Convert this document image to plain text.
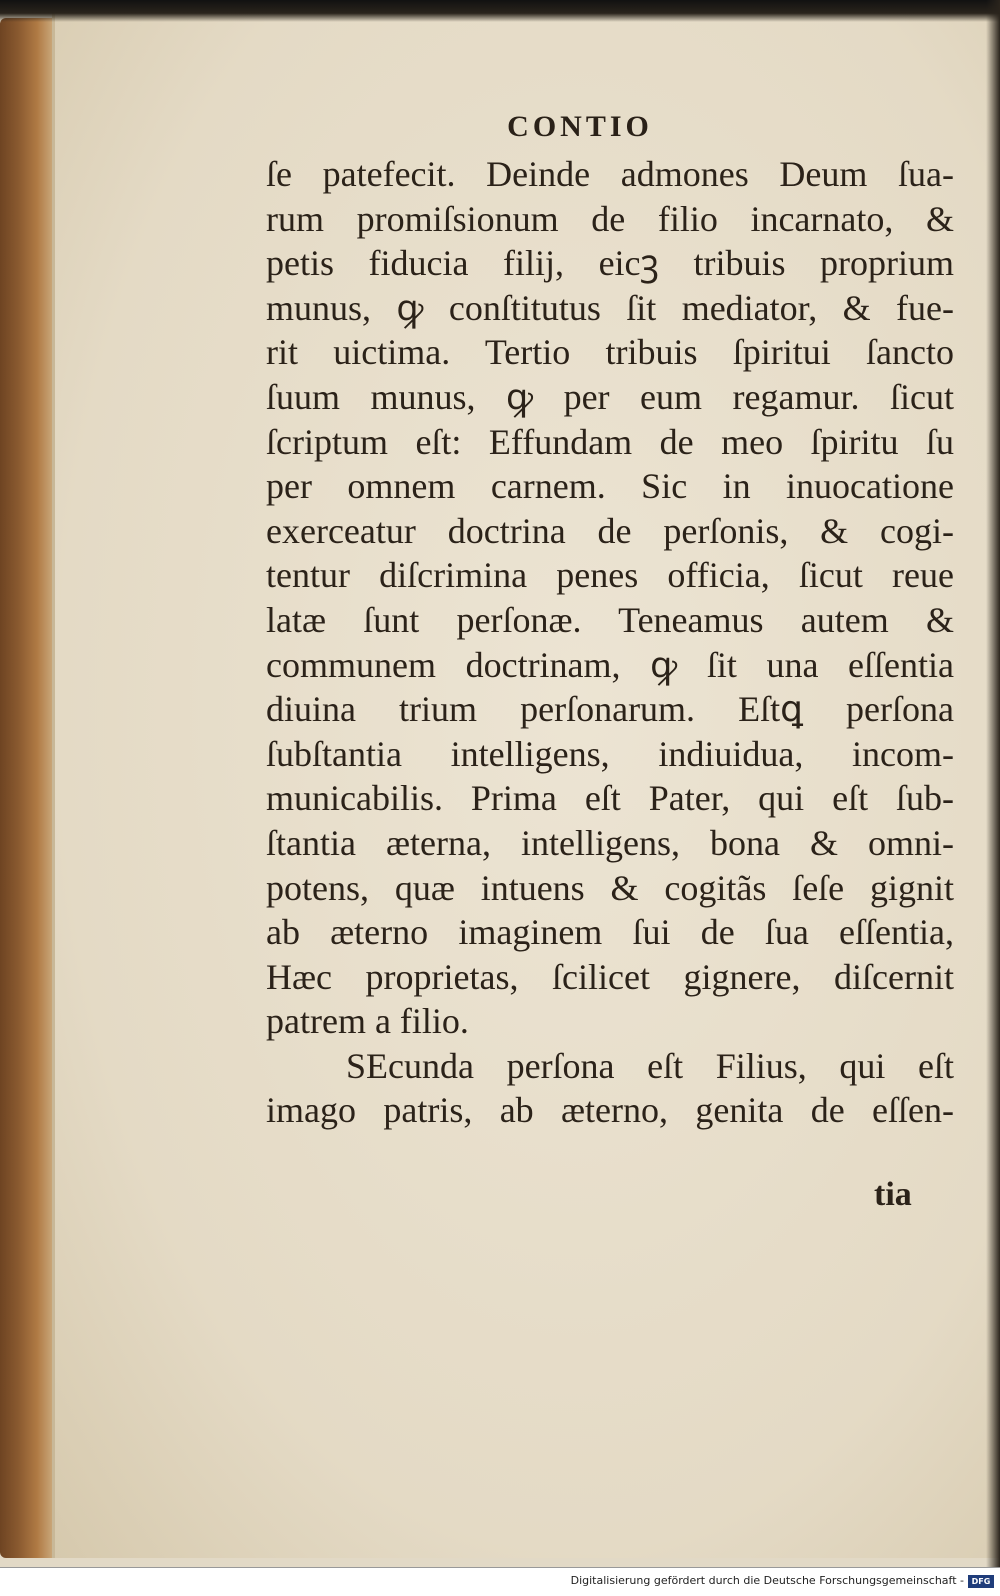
CONTIO
ſe patefecit. Deinde admones Deum ſua-
rum promiſsionum de filio incarnato, &
petis fiducia filij, eicꝫ tribuis proprium
munus, ꝙ conſtitutus ſit mediator, & fue-
rit uictima. Tertio tribuis ſpiritui ſancto
ſuum munus, ꝙ per eum regamur. ſicut
ſcriptum eſt: Effundam de meo ſpiritu ſu
per omnem carnem. Sic in inuocatione
exerceatur doctrina de perſonis, & cogi-
tentur diſcrimina penes officia, ſicut reue
latæ ſunt perſonæ. Teneamus autem &
communem doctrinam, ꝙ ſit una eſſentia
diuina trium perſonarum. Eſtꝗ perſona
ſubſtantia intelligens, indiuidua, incom-
municabilis. Prima eſt Pater, qui eſt ſub-
ſtantia æterna, intelligens, bona & omni-
potens, quæ intuens & cogitãs ſeſe gignit
ab æterno imaginem ſui de ſua eſſentia,
Hæc proprietas, ſcilicet gignere, diſcernit
patrem a filio.
SEcunda perſona eſt Filius, qui eſt
imago patris, ab æterno, genita de eſſen-
tia
Digitalisierung gefördert durch die Deutsche Forschungsgemeinschaft - DFG
